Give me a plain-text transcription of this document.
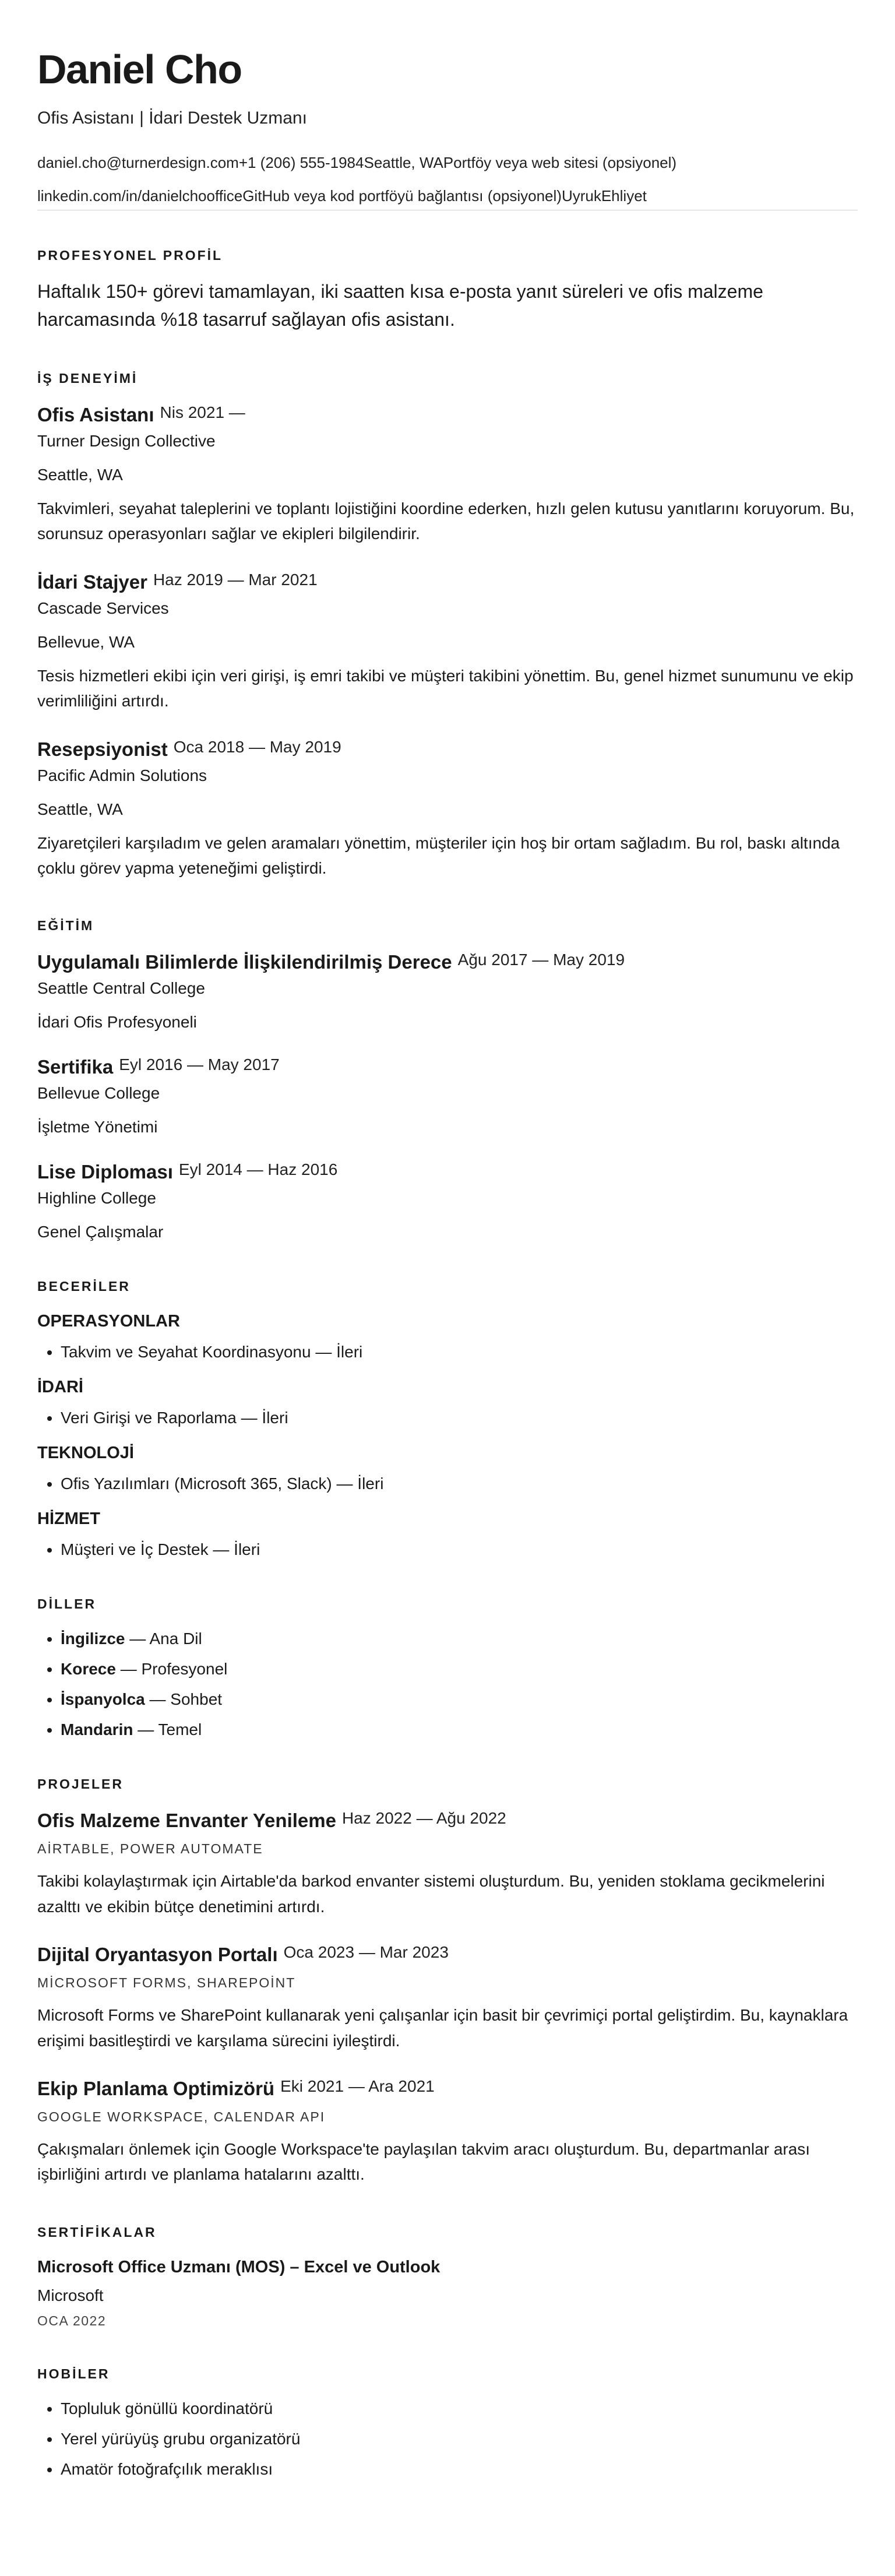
Daniel Cho
Ofis Asistanı | İdari Destek Uzmanı
daniel.cho@turnerdesign.com +1 (206) 555-1984 Seattle, WA Portföy veya web sitesi (opsiyonel)
linkedin.com/in/danielchooffice GitHub veya kod portföyü bağlantısı (opsiyonel) Uyruk Ehliyet
PROFESYONEL PROFİL
Haftalık 150+ görevi tamamlayan, iki saatten kısa e-posta yanıt süreleri ve ofis malzeme harcamasında %18 tasarruf sağlayan ofis asistanı.
İŞ DENEYİMİ
Ofis Asistanı Nis 2021 —
Turner Design Collective
Seattle, WA
Takvimleri, seyahat taleplerini ve toplantı lojistiğini koordine ederken, hızlı gelen kutusu yanıtlarını koruyorum. Bu, sorunsuz operasyonları sağlar ve ekipleri bilgilendirir.
İdari Stajyer Haz 2019 — Mar 2021
Cascade Services
Bellevue, WA
Tesis hizmetleri ekibi için veri girişi, iş emri takibi ve müşteri takibini yönettim. Bu, genel hizmet sunumunu ve ekip verimliliğini artırdı.
Resepsiyonist Oca 2018 — May 2019
Pacific Admin Solutions
Seattle, WA
Ziyaretçileri karşıladım ve gelen aramaları yönettim, müşteriler için hoş bir ortam sağladım. Bu rol, baskı altında çoklu görev yapma yeteneğimi geliştirdi.
EĞİTİM
Uygulamalı Bilimlerde İlişkilendirilmiş Derece Ağu 2017 — May 2019
Seattle Central College
İdari Ofis Profesyoneli
Sertifika Eyl 2016 — May 2017
Bellevue College
İşletme Yönetimi
Lise Diploması Eyl 2014 — Haz 2016
Highline College
Genel Çalışmalar
BECERİLER
OPERASYONLAR
• Takvim ve Seyahat Koordinasyonu — İleri
İDARİ
• Veri Girişi ve Raporlama — İleri
TEKNOLOJİ
• Ofis Yazılımları (Microsoft 365, Slack) — İleri
HİZMET
• Müşteri ve İç Destek — İleri
DİLLER
• İngilizce — Ana Dil
• Korece — Profesyonel
• İspanyolca — Sohbet
• Mandarin — Temel
PROJELER
Ofis Malzeme Envanter Yenileme Haz 2022 — Ağu 2022
AİRTABLE, POWER AUTOMATE
Takibi kolaylaştırmak için Airtable'da barkod envanter sistemi oluşturdum. Bu, yeniden stoklama gecikmelerini azalttı ve ekibin bütçe denetimini artırdı.
Dijital Oryantasyon Portalı Oca 2023 — Mar 2023
MİCROSOFT FORMS, SHAREPOİNT
Microsoft Forms ve SharePoint kullanarak yeni çalışanlar için basit bir çevrimiçi portal geliştirdim. Bu, kaynaklara erişimi basitleştirdi ve karşılama sürecini iyileştirdi.
Ekip Planlama Optimizörü Eki 2021 — Ara 2021
GOOGLE WORKSPACE, CALENDAR API
Çakışmaları önlemek için Google Workspace'te paylaşılan takvim aracı oluşturdum. Bu, departmanlar arası işbirliğini artırdı ve planlama hatalarını azalttı.
SERTİFİKALAR
Microsoft Office Uzmanı (MOS) – Excel ve Outlook
Microsoft
OCA 2022
HOBİLER
• Topluluk gönüllü koordinatörü
• Yerel yürüyüş grubu organizatörü
• Amatör fotoğrafçılık meraklısı
